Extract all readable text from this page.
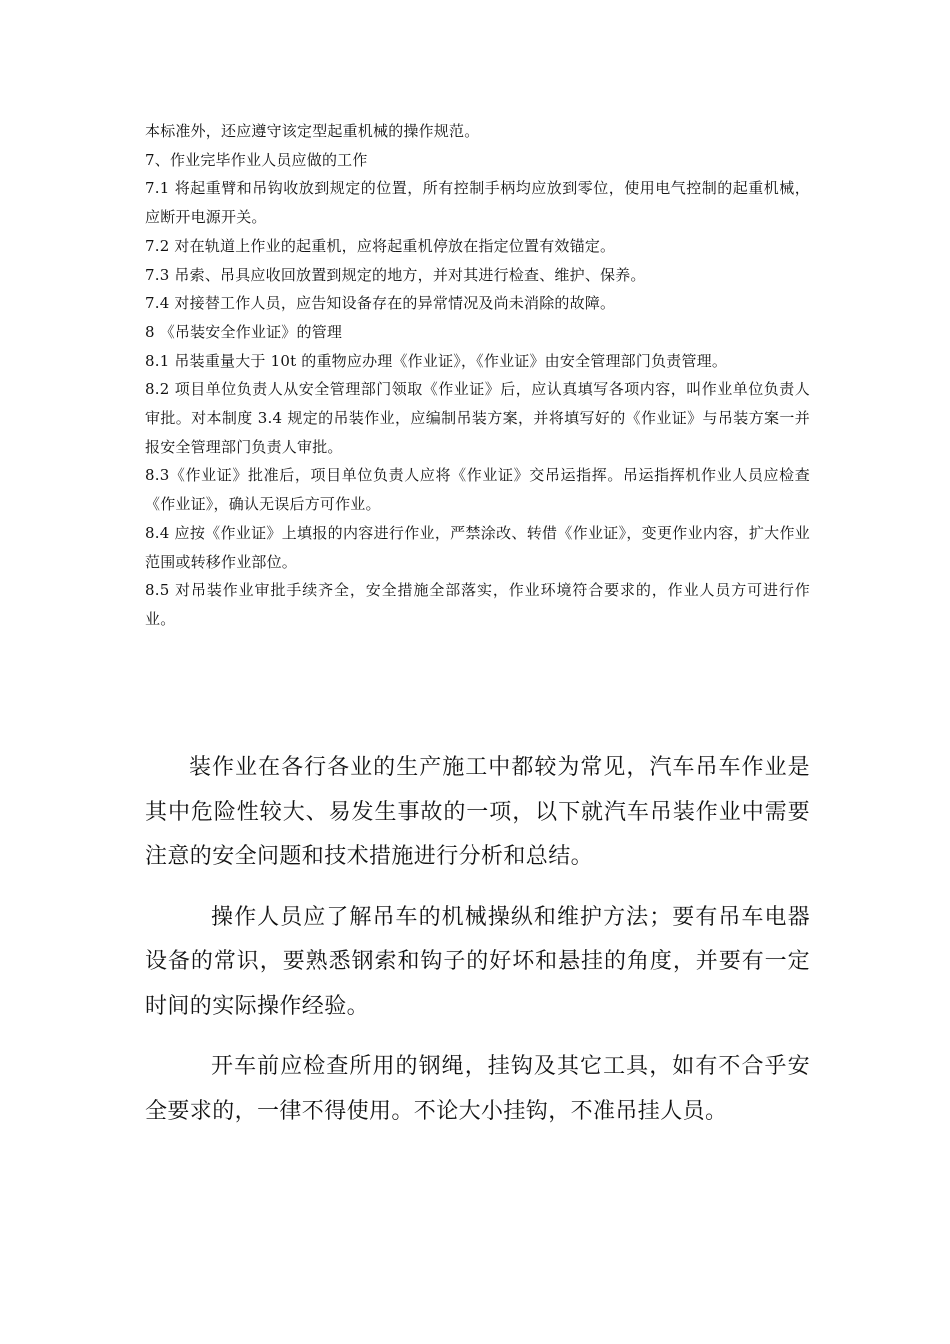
本标准外，还应遵守该定型起重机械的操作规范。

7、作业完毕作业人员应做的工作

7.1 将起重臂和吊钩收放到规定的位置，所有控制手柄均应放到零位，使用电气控制的起重机械，应断开电源开关。

7.2 对在轨道上作业的起重机，应将起重机停放在指定位置有效锚定。

7.3 吊索、吊具应收回放置到规定的地方，并对其进行检查、维护、保养。

7.4 对接替工作人员，应告知设备存在的异常情况及尚未消除的故障。

8 《吊装安全作业证》的管理

8.1 吊装重量大于 10t 的重物应办理《作业证》，《作业证》由安全管理部门负责管理。

8.2 项目单位负责人从安全管理部门领取《作业证》后，应认真填写各项内容，叫作业单位负责人审批。对本制度 3.4 规定的吊装作业，应编制吊装方案，并将填写好的《作业证》与吊装方案一并报安全管理部门负责人审批。

8.3《作业证》批准后，项目单位负责人应将《作业证》交吊运指挥。吊运指挥机作业人员应检查《作业证》，确认无误后方可作业。

8.4 应按《作业证》上填报的内容进行作业，严禁涂改、转借《作业证》，变更作业内容，扩大作业范围或转移作业部位。

8.5 对吊装作业审批手续齐全，安全措施全部落实，作业环境符合要求的，作业人员方可进行作业。

装作业在各行各业的生产施工中都较为常见，汽车吊车作业是其中危险性较大、易发生事故的一项，以下就汽车吊装作业中需要注意的安全问题和技术措施进行分析和总结。

操作人员应了解吊车的机械操纵和维护方法；要有吊车电器设备的常识，要熟悉钢索和钩子的好坏和悬挂的角度，并要有一定时间的实际操作经验。

开车前应检查所用的钢绳，挂钩及其它工具，如有不合乎安全要求的，一律不得使用。不论大小挂钩，不准吊挂人员。
